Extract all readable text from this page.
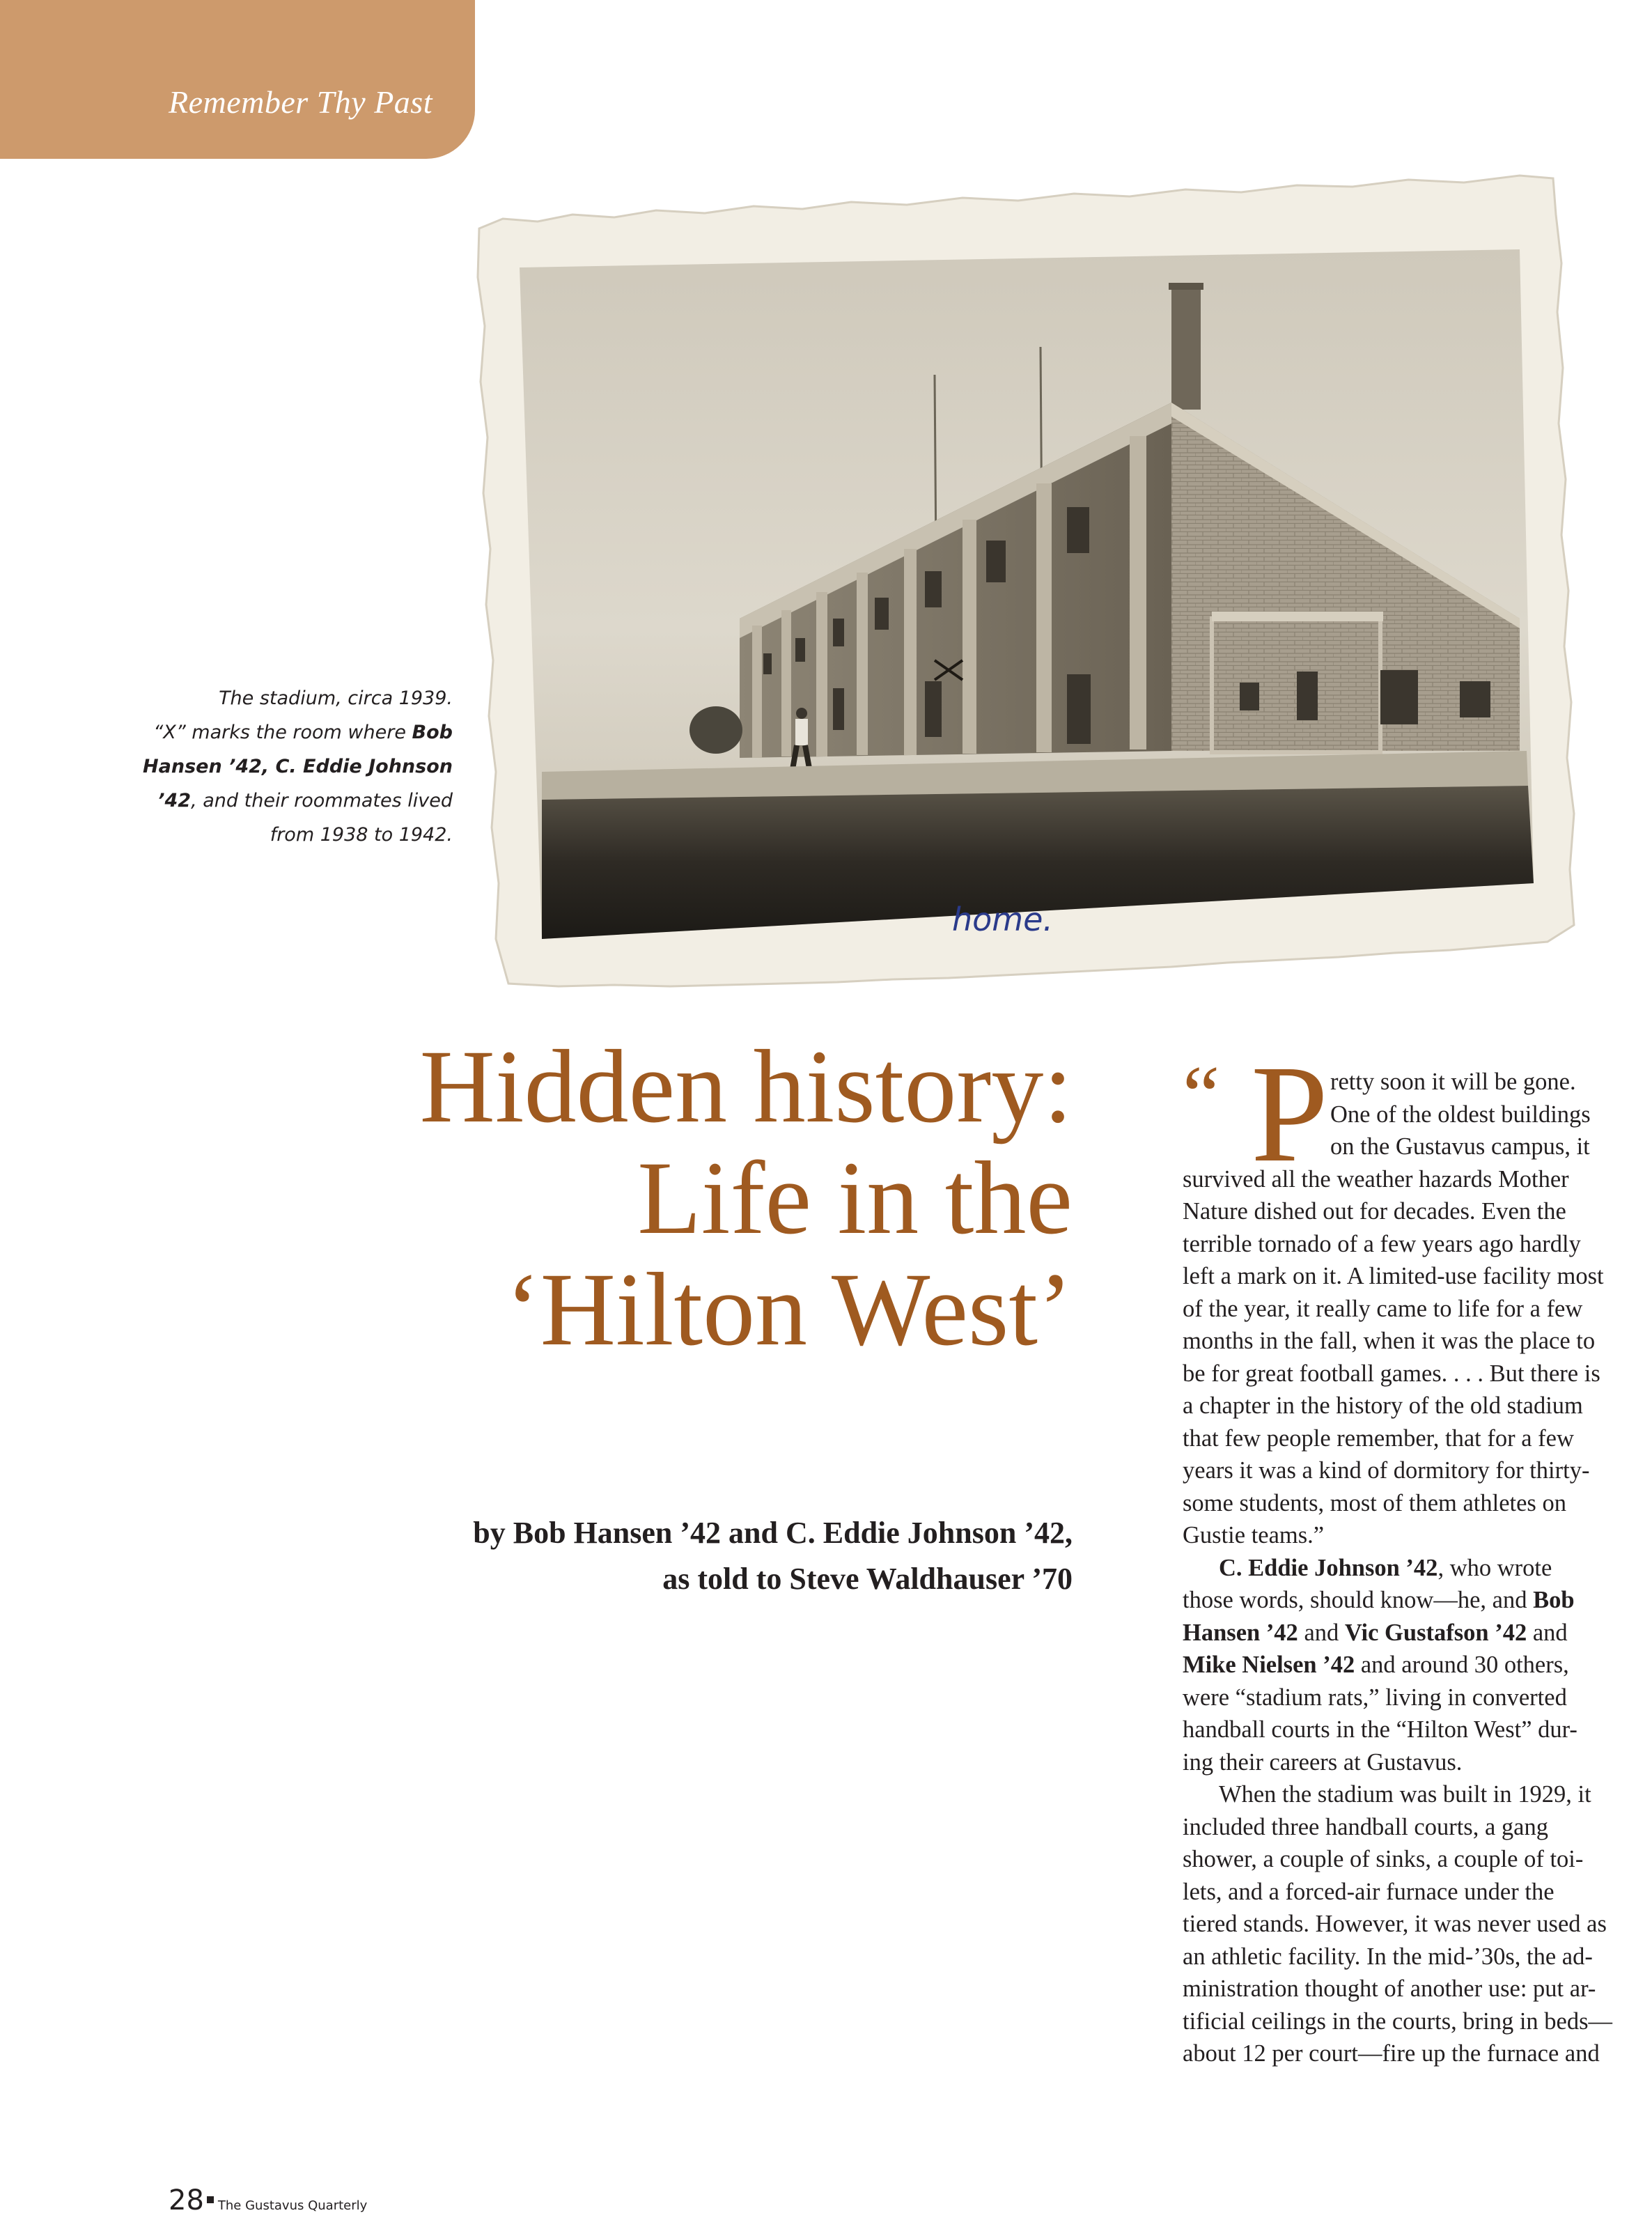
Remember Thy Past
home.
The stadium, circa 1939.
“X” marks the room where Bob
Hansen ’42, C. Eddie Johnson
’42, and their roommates lived
from 1938 to 1942.
Hidden history:
Life in the
‘Hilton West’
by Bob Hansen ’42 and C. Eddie Johnson ’42,
as told to Steve Waldhauser ’70
“ P retty soon it will be gone.
One of the oldest buildings
on the Gustavus campus, it
survived all the weather hazards Mother
Nature dished out for decades. Even the
terrible tornado of a few years ago hardly
left a mark on it. A limited-use facility most
of the year, it really came to life for a few
months in the fall, when it was the place to
be for great football games. . . . But there is
a chapter in the history of the old stadium
that few people remember, that for a few
years it was a kind of dormitory for thirty-
some students, most of them athletes on
Gustie teams.”
C. Eddie Johnson ’42, who wrote
those words, should know—he, and Bob
Hansen ’42 and Vic Gustafson ’42 and
Mike Nielsen ’42 and around 30 others,
were “stadium rats,” living in converted
handball courts in the “Hilton West” dur-
ing their careers at Gustavus.
When the stadium was built in 1929, it
included three handball courts, a gang
shower, a couple of sinks, a couple of toi-
lets, and a forced-air furnace under the
tiered stands. However, it was never used as
an athletic facility. In the mid-’30s, the ad-
ministration thought of another use: put ar-
tificial ceilings in the courts, bring in beds—
about 12 per court—fire up the furnace and
28 The Gustavus Quarterly
